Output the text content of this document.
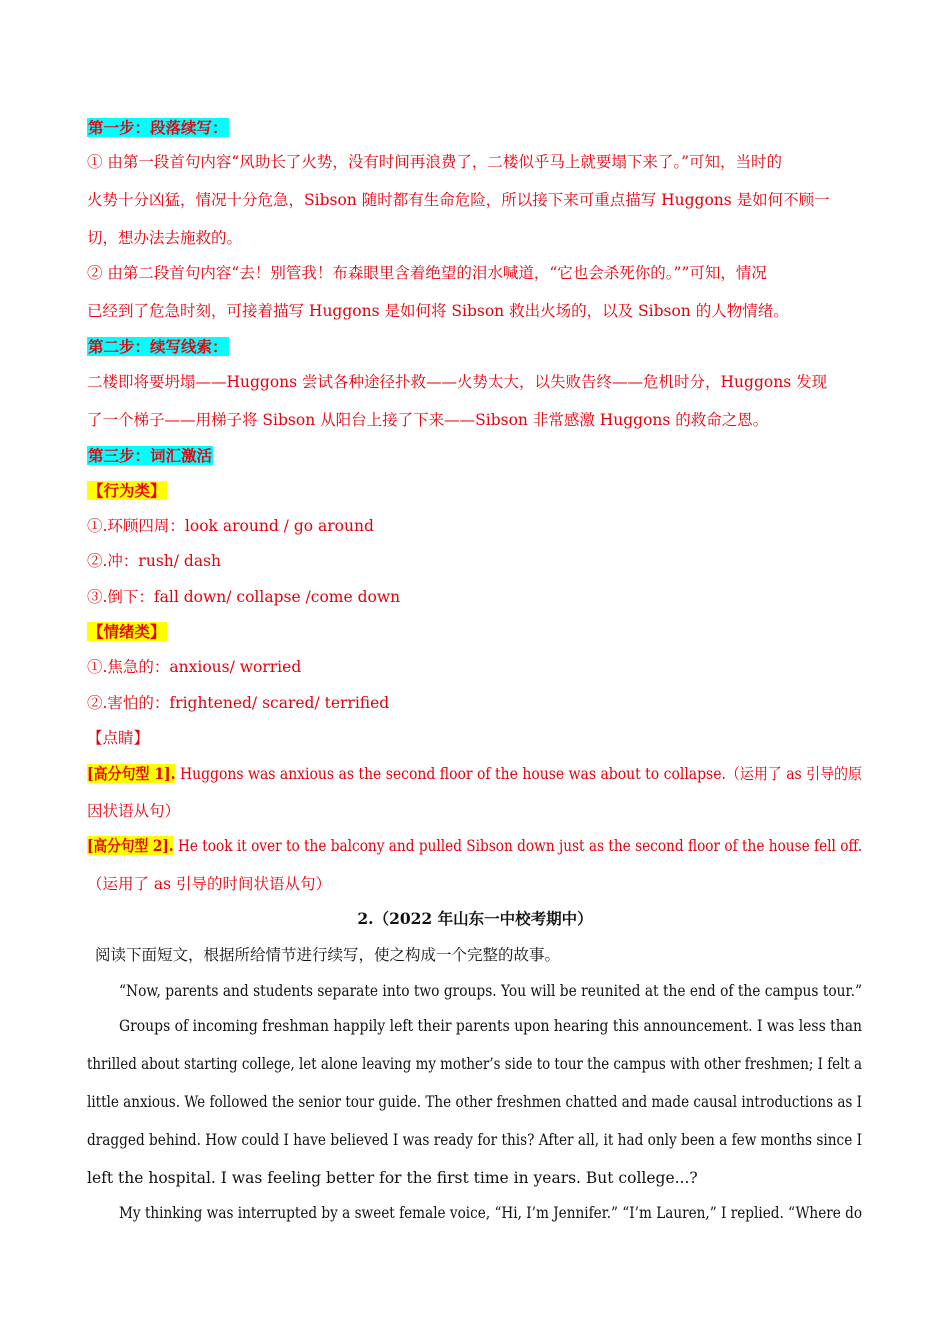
第一步：段落续写：
① 由第一段首句内容“风助长了火势，没有时间再浪费了，二楼似乎马上就要塌下来了。”可知，当时的
火势十分凶猛，情况十分危急，Sibson 随时都有生命危险，所以接下来可重点描写 Huggons 是如何不顾一
切，想办法去施救的。
② 由第二段首句内容“去！别管我！布森眼里含着绝望的泪水喊道，“它也会杀死你的。””可知，情况
已经到了危急时刻，可接着描写 Huggons 是如何将 Sibson 救出火场的，以及 Sibson 的人物情绪。
第二步：续写线索：
二楼即将要坍塌——Huggons 尝试各种途径扑救——火势太大，以失败告终——危机时分，Huggons 发现
了一个梯子——用梯子将 Sibson 从阳台上接了下来——Sibson 非常感激 Huggons 的救命之恩。
第三步：词汇激活
【行为类】
①.环顾四周：look around / go around
②.冲：rush/ dash
③.倒下：fall down/ collapse /come down
【情绪类】
①.焦急的：anxious/ worried
②.害怕的：frightened/ scared/ terrified
【点睛】
[高分句型 1]. Huggons was anxious as the second floor of the house was about to collapse.（运用了 as 引导的原
因状语从句）
[高分句型 2]. He took it over to the balcony and pulled Sibson down just as the second floor of the house fell off.
（运用了 as 引导的时间状语从句）
2.（2022 年山东一中校考期中）
阅读下面短文，根据所给情节进行续写，使之构成一个完整的故事。
“Now, parents and students separate into two groups. You will be reunited at the end of the campus tour.”
Groups of incoming freshman happily left their parents upon hearing this announcement. I was less than
thrilled about starting college, let alone leaving my mother’s side to tour the campus with other freshmen; I felt a
little anxious. We followed the senior tour guide. The other freshmen chatted and made causal introductions as I
dragged behind. How could I have believed I was ready for this? After all, it had only been a few months since I
left the hospital. I was feeling better for the first time in years. But college...?
My thinking was interrupted by a sweet female voice, “Hi, I’m Jennifer.” “I’m Lauren,” I replied. “Where do
